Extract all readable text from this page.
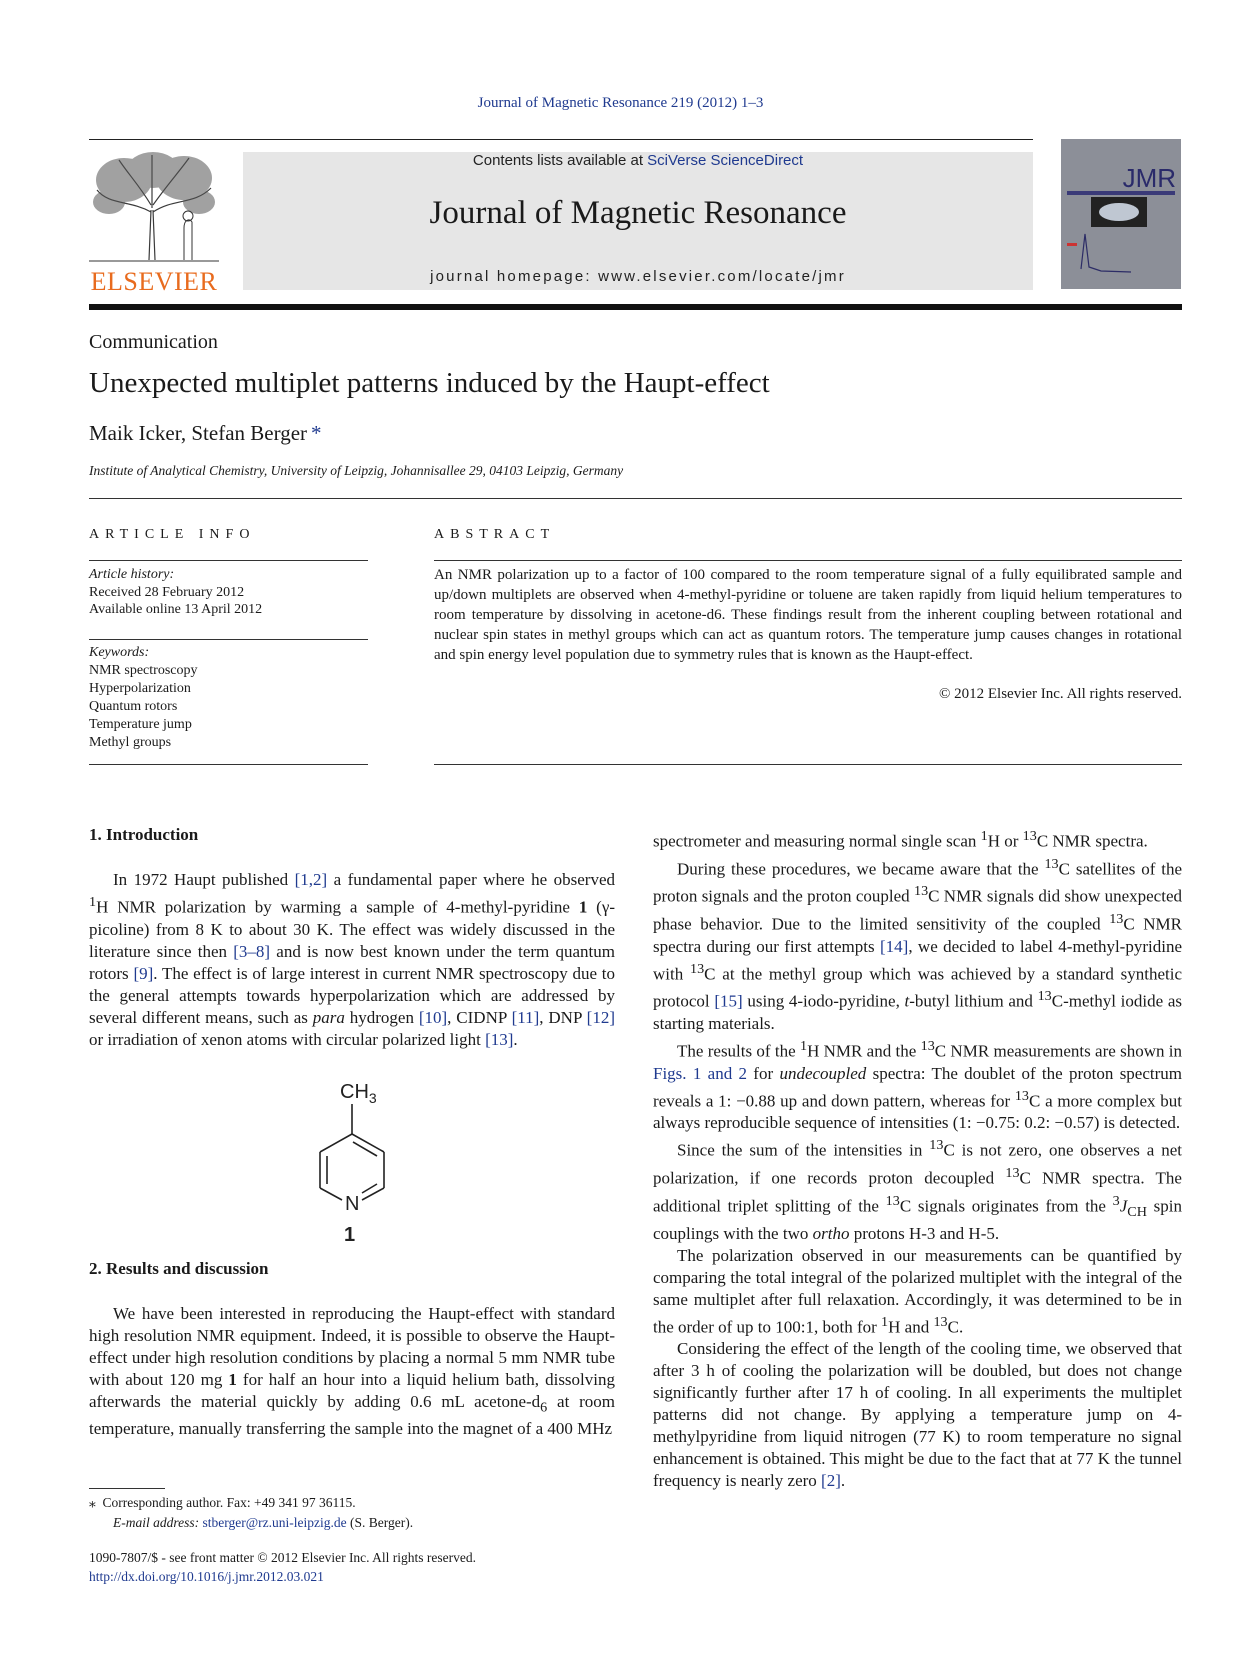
Journal of Magnetic Resonance 219 (2012) 1–3
ELSEVIER
Contents lists available at SciVerse ScienceDirect
Journal of Magnetic Resonance
journal homepage: www.elsevier.com/locate/jmr
JMR
Communication
Unexpected multiplet patterns induced by the Haupt-effect
Maik Icker, Stefan Berger *
Institute of Analytical Chemistry, University of Leipzig, Johannisallee 29, 04103 Leipzig, Germany
ARTICLE INFO
Article history:
Received 28 February 2012
Available online 13 April 2012
Keywords:
NMR spectroscopy
Hyperpolarization
Quantum rotors
Temperature jump
Methyl groups
ABSTRACT
An NMR polarization up to a factor of 100 compared to the room temperature signal of a fully equilibrated sample and up/down multiplets are observed when 4-methyl-pyridine or toluene are taken rapidly from liquid helium temperatures to room temperature by dissolving in acetone-d6. These findings result from the inherent coupling between rotational and nuclear spin states in methyl groups which can act as quantum rotors. The temperature jump causes changes in rotational and spin energy level population due to symmetry rules that is known as the Haupt-effect.
© 2012 Elsevier Inc. All rights reserved.
1. Introduction

In 1972 Haupt published [1,2] a fundamental paper where he observed $^1$H NMR polarization by warming a sample of 4-methyl-pyridine 1 (γ-picoline) from 8 K to about 30 K. The effect was widely discussed in the literature since then [3–8] and is now best known under the term quantum rotors [9]. The effect is of large interest in current NMR spectroscopy due to the general attempts towards hyperpolarization which are addressed by several different means, such as para hydrogen [10], CIDNP [11], DNP [12] or irradiation of xenon atoms with circular polarized light [13].

$CH_3$
N
1
2. Results and discussion

We have been interested in reproducing the Haupt-effect with standard high resolution NMR equipment. Indeed, it is possible to observe the Haupt-effect under high resolution conditions by placing a normal 5 mm NMR tube with about 120 mg 1 for half an hour into a liquid helium bath, dissolving afterwards the material quickly by adding 0.6 mL acetone-$d_6$ at room temperature, manually transferring the sample into the magnet of a 400 MHz

spectrometer and measuring normal single scan $^1$H or $^{13}$C NMR spectra.

During these procedures, we became aware that the $^{13}$C satellites of the proton signals and the proton coupled $^{13}$C NMR signals did show unexpected phase behavior. Due to the limited sensitivity of the coupled $^{13}$C NMR spectra during our first attempts [14], we decided to label 4-methyl-pyridine with $^{13}$C at the methyl group which was achieved by a standard synthetic protocol [15] using 4-iodo-pyridine, t-butyl lithium and $^{13}$C-methyl iodide as starting materials.

The results of the $^1$H NMR and the $^{13}$C NMR measurements are shown in Figs. 1 and 2 for undecoupled spectra: The doublet of the proton spectrum reveals a 1: −0.88 up and down pattern, whereas for $^{13}$C a more complex but always reproducible sequence of intensities (1: −0.75: 0.2: −0.57) is detected.

Since the sum of the intensities in $^{13}$C is not zero, one observes a net polarization, if one records proton decoupled $^{13}$C NMR spectra. The additional triplet splitting of the $^{13}$C signals originates from the $^3J_{CH}$ spin couplings with the two ortho protons H-3 and H-5.

The polarization observed in our measurements can be quantified by comparing the total integral of the polarized multiplet with the integral of the same multiplet after full relaxation. Accordingly, it was determined to be in the order of up to 100:1, both for $^1$H and $^{13}$C.

Considering the effect of the length of the cooling time, we observed that after 3 h of cooling the polarization will be doubled, but does not change significantly further after 17 h of cooling. In all experiments the multiplet patterns did not change. By applying a temperature jump on 4-methylpyridine from liquid nitrogen (77 K) to room temperature no signal enhancement is obtained. This might be due to the fact that at 77 K the tunnel frequency is nearly zero [2].

⁎ Corresponding author. Fax: +49 341 97 36115.
E-mail address: stberger@rz.uni-leipzig.de (S. Berger).
1090-7807/$ - see front matter © 2012 Elsevier Inc. All rights reserved.
http://dx.doi.org/10.1016/j.jmr.2012.03.021
